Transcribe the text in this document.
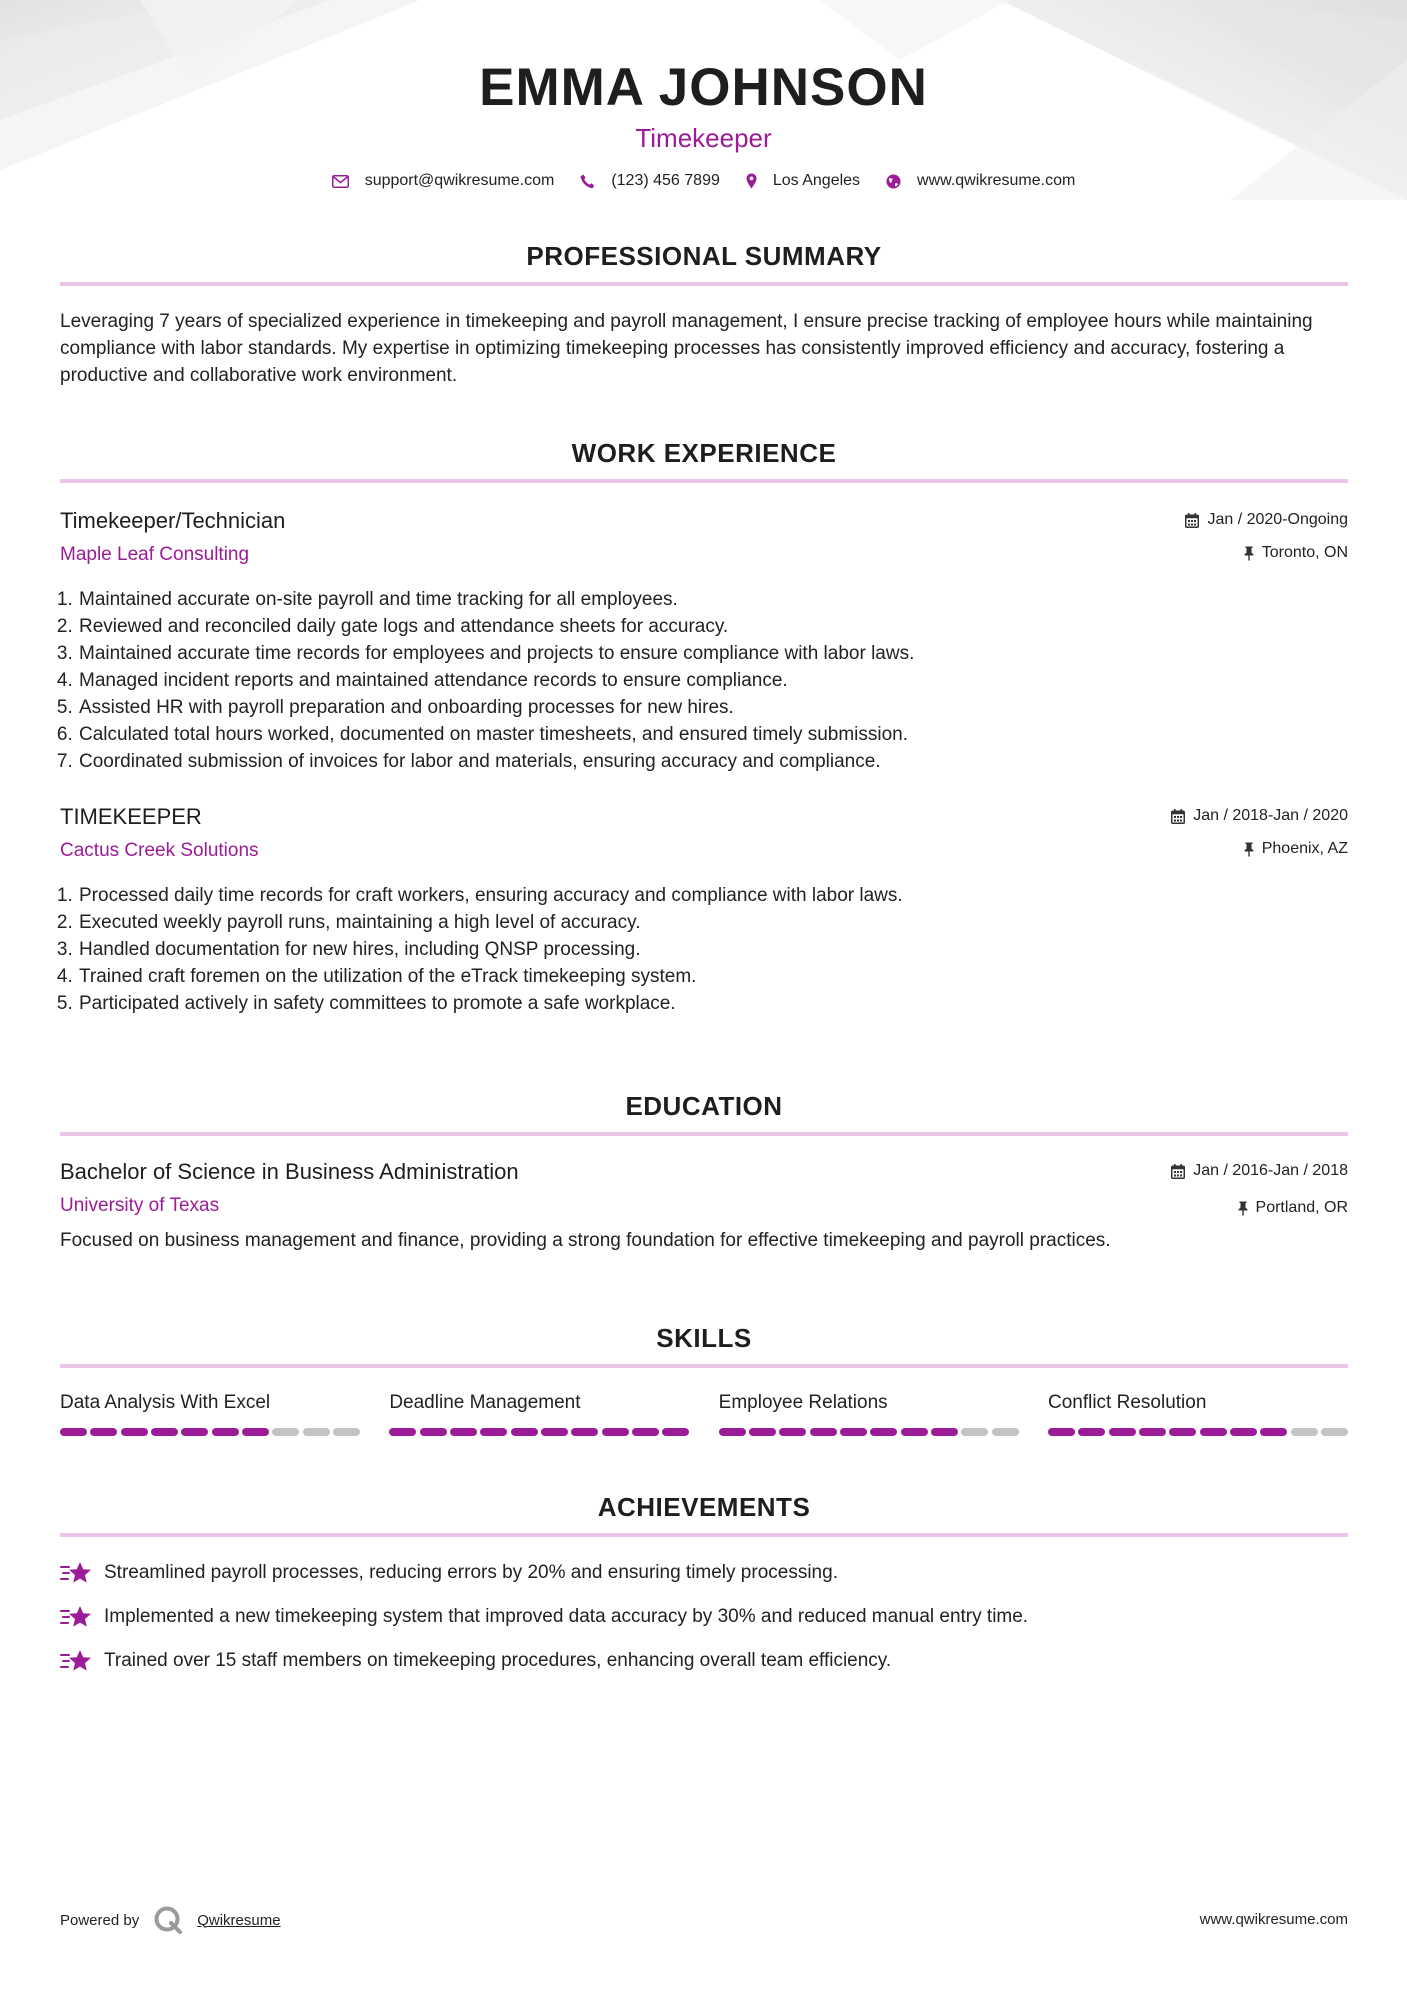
EMMA JOHNSON
Timekeeper
support@qwikresume.com	(123) 456 7899	Los Angeles	www.qwikresume.com
PROFESSIONAL SUMMARY
Leveraging 7 years of specialized experience in timekeeping and payroll management, I ensure precise tracking of employee hours while maintaining compliance with labor standards. My expertise in optimizing timekeeping processes has consistently improved efficiency and accuracy, fostering a productive and collaborative work environment.
WORK EXPERIENCE
Timekeeper/Technician
Maple Leaf Consulting
Jan / 2020-Ongoing
Toronto, ON
1. Maintained accurate on-site payroll and time tracking for all employees.
2. Reviewed and reconciled daily gate logs and attendance sheets for accuracy.
3. Maintained accurate time records for employees and projects to ensure compliance with labor laws.
4. Managed incident reports and maintained attendance records to ensure compliance.
5. Assisted HR with payroll preparation and onboarding processes for new hires.
6. Calculated total hours worked, documented on master timesheets, and ensured timely submission.
7. Coordinated submission of invoices for labor and materials, ensuring accuracy and compliance.
TIMEKEEPER
Cactus Creek Solutions
Jan / 2018-Jan / 2020
Phoenix, AZ
1. Processed daily time records for craft workers, ensuring accuracy and compliance with labor laws.
2. Executed weekly payroll runs, maintaining a high level of accuracy.
3. Handled documentation for new hires, including QNSP processing.
4. Trained craft foremen on the utilization of the eTrack timekeeping system.
5. Participated actively in safety committees to promote a safe workplace.
EDUCATION
Bachelor of Science in Business Administration
University of Texas
Jan / 2016-Jan / 2018
Portland, OR
Focused on business management and finance, providing a strong foundation for effective timekeeping and payroll practices.
SKILLS
Data Analysis With Excel	Deadline Management	Employee Relations	Conflict Resolution
ACHIEVEMENTS
Streamlined payroll processes, reducing errors by 20% and ensuring timely processing.
Implemented a new timekeeping system that improved data accuracy by 30% and reduced manual entry time.
Trained over 15 staff members on timekeeping procedures, enhancing overall team efficiency.
Powered by	Qwikresume	www.qwikresume.com
